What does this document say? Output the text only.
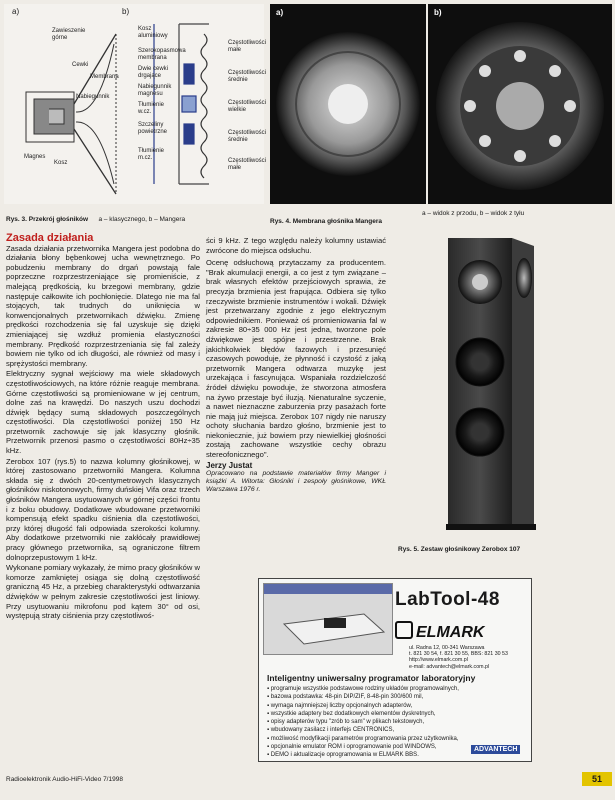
a)	b)
Zawieszenie górne
Cewki
Membrana
Nabiegunnik
Magnes
Kosz
Kosz aluminiowy
Szerokopasmowa membrana
Dwie cewki drgające
Nabiegunnik magnesu
Tłumienie w.cz.
Szczeliny powietrzne
Tłumienie m.cz.
Częstotliwości małe
Częstotliwości średnie
Częstotliwości wielkie
Częstotliwości średnie
Częstotliwości małe
Rys. 3. Przekrój głośników a – klasycznego, b – Mangera
a)	b)
Rys. 4. Membrana głośnika Mangera
a – widok z przodu, b – widok z tyłu
Zasada działania

Zasada działania przetwornika Mangera jest podobna do działania błony bębenkowej ucha wewnętrznego. Po pobudzeniu membrany do drgań powstają fale poprzeczne rozprzestrzeniające się promieniście, z malejącą prędkością, ku brzegowi membrany, gdzie następuje całkowite ich pochłonięcie. Dlatego nie ma fal stojących, tak trudnych do uniknięcia w konwencjonalnych przetwornikach dźwięku. Zmienę prędkości rozchodzenia się fal uzyskuje się dzięki zmieniającej się wzdłuż promienia elastyczności membrany. Prędkość rozprzestrzeniania się fal zależy bowiem nie tylko od ich długości, ale również od masy i sprężystości membrany.

Elektryczny sygnał wejściowy ma wiele składowych częstotliwościowych, na które różnie reaguje membrana. Górne częstotliwości są promieniowane w jej centrum, dolne zaś na krawędzi. Do naszych uszu dochodzi dźwięk będący sumą składowych poszczególnych częstotliwości. Dla częstotliwości poniżej 150 Hz przetwornik zachowuje się jak klasyczny głośnik. Przetwornik przenosi pasmo o częstotliwości 80Hz÷35 kHz.

Zerobox 107 (rys.5) to nazwa kolumny głośnikowej, w której zastosowano przetworniki Mangera. Kolumna składa się z dwóch 20-centymetrowych klasycznych głośników niskotonowych, firmy duńskiej Vifa oraz trzech głośników Mangera usytuowanych w górnej części frontu i z boku obudowy. Dodatkowe wbudowane przetworniki kompensują efekt spadku ciśnienia dla częstotliwości, przy której długość fali odpowiada szerokości kolumny. Aby dodatkowe przetworniki nie zakłócały prawidłowej pracy głównego przetwornika, są ograniczone filtrem dolnoprzepustowym 1 kHz.

Wykonane pomiary wykazały, że mimo pracy głośników w komorze zamkniętej osiąga się dolną częstotliwość graniczną 45 Hz, a przebieg charakterystyki odtwarzania dźwięków w pełnym zakresie częstotliwości jest liniowy. Przy usytuowaniu mikrofonu pod kątem 30° od osi, występują straty ciśnienia przy częstotliwoś-

ści 9 kHz. Z tego względu należy kolumny ustawiać zwrócone do miejsca odsłuchu.

Ocenę odsłuchową przytaczamy za producentem. "Brak akumulacji energii, a co jest z tym związane – brak własnych efektów przejściowych sprawia, że precyzja brzmienia jest frapująca. Odbiera się tylko rzeczywiste brzmienie instrumentów i wokali. Dźwięk jest przetwarzany zgodnie z jego elektrycznym odpowiednikiem. Ponieważ oś promieniowania fal w zakresie 80÷35 000 Hz jest jedna, tworzone pole dźwiękowe jest spójne i przestrzenne. Brak jakichkolwiek błędów fazowych i przesunięć czasowych powoduje, że płynność i czystość z jaką przetwornik Mangera odtwarza muzykę jest urzekająca i fascynująca. Wspaniała rozdzielczość źródeł dźwięku powoduje, że stworzona atmosfera na żywo przestaje być iluzją. Nienaturalne syczenie, a nawet nieznaczne zaburzenia przy pasażach forte nie mają już miejsca. Zerobox 107 nigdy nie naruszy ochoty słuchania bardzo głośno, brzmienie jest to niekoniecznie, już bowiem przy niewielkiej głośności zostają zachowane wszystkie cechy obrazu stereofonicznego".

Jerzy Justat
Opracowano na podstawie materiałów firmy Manger i książki A. Witorta: Głośniki i zespoły głośnikowe, WKŁ Warszawa 1976 r.
Rys. 5. Zestaw głośnikowy Zerobox 107
LabTool-48
ELMARK
ul. Radna 12, 00-341 Warszawa
t. 821 30 54, f. 821 30 55, BBS: 821 30 53
http://www.elmark.com.pl
e-mail: advantech@elmark.com.pl
Inteligentny uniwersalny programator laboratoryjny
▪ programuje wszystkie podstawowe rodziny układów programowalnych,
▪ bazowa podstawka: 48-pin DIP/ZIF, 8-48-pin 300/600 mil,
▪ wymaga najmniejszej liczby opcjonalnych adapterów,
▪ wszystkie adaptery bez dodatkowych elementów dyskretnych,
▪ opisy adapterów typu "zrób to sam" w plikach tekstowych,
▪ wbudowany zasilacz i interfejs CENTRONICS,
▪ możliwość modyfikacji parametrów programowania przez użytkownika,
▪ opcjonalnie emulator ROM i oprogramowanie pod WINDOWS,
▪ DEMO i aktualizacje oprogramowania w ELMARK BBS.
ADVANTECH
Radioelektronik Audio-HiFi-Video 7/1998	51
